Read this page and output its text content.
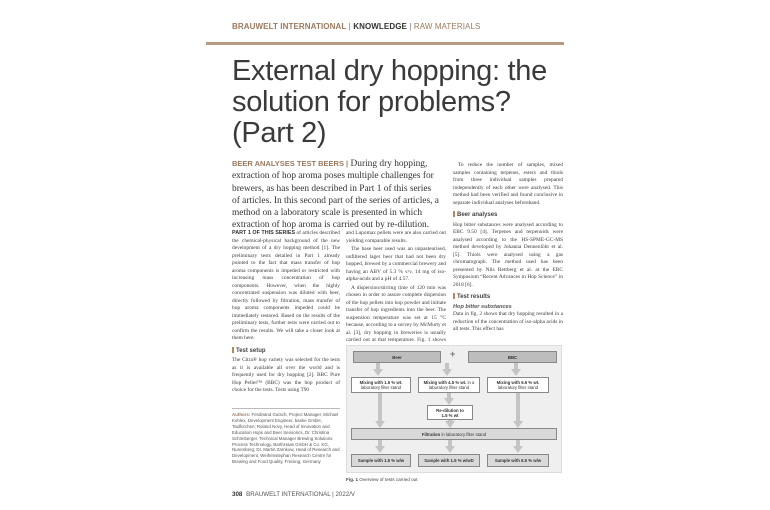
BRAUWELT INTERNATIONAL | KNOWLEDGE | RAW MATERIALS
External dry hopping: the solution for problems? (Part 2)
BEER ANALYSES TEST BEERS | During dry hopping, extraction of hop aroma poses multiple challenges for brewers, as has been described in Part 1 of this series of articles. In this second part of the series of articles, a method on a laboratory scale is presented in which extraction of hop aroma is carried out by re-dilution.

PART 1 OF THIS SERIES of articles described the chemical-physical background of the new development of a dry hopping method [1]. The preliminary tests detailed in Part 1 already pointed to the fact that mass transfer of hop aroma components is impeded or restricted with increasing mass concentration of hop components. However, when the highly concentrated suspension was diluted with beer, directly followed by filtration, mass transfer of hop aroma components impeded could be immediately restored. Based on the results of the preliminary tests, further tests were carried out to confirm the results. We will take a closer look at them here.

Test setup

The Citra® hop variety was selected for the tests as it is available all over the world and is frequently used for dry hopping [2]. BBC Pure Hop Pellet™ (BBC) was the hop product of choice for the tests. Tests using T90

Authors: Ferdinand Gutsch, Project Manager, Michael Kohlex, Development Engineer, banke GmbH, Taufkirchen; Roland Novy, Head of Innovation and Education Hops and Beer Sensorics, Dr. Christina Schönberger, Technical Manager Brewing Solutions Process Technology, BarthHaas GmbH & Co. KG, Nuremberg; Dr. Martin Zarnkow, Head of Research and Development, Weihenstephan Research Centre for Brewing and Food Quality, Freising, Germany

and Lupomax pellets were are also carried out yielding comparable results.

The base beer used was an unpasteurised, unfiltered lager beer that had not been dry hopped, brewed by a commercial brewery and having an ABV of 5.3 % v/v, 14 mg of iso-alpha-acids and a pH of 4.57.

A dispersion/stirring time of 120 min was chosen in order to assure complete dispersion of the hop pellets into hop powder and initiate transfer of hop ingredients into the beer. The suspension temperature was set at 15 °C because, according to a survey by McMurty et al. [3], dry hopping in breweries is usually carried out at that temperature. Fig. 1 shows

To reduce the number of samples, mixed samples containing terpenes, esters and thiols from three individual samples prepared independently of each other were analysed. This method had been verified and found conclusive in separate individual analyses beforehand.

Beer analyses

Hop bitter substances were analysed according to EBC 9.50 [4]. Terpenes and terpenoids were analysed according to the HS-SPME-GC-MS method developed by Johanna Dennenlöhr et al. [5]. Thiols were analysed using a gas chromatograph. The method used has been presented by Nils Rettberg et al. at the EBC Symposium “Recent Advances in Hop Science” in 2018 [6].

Test results
Hop bitter substances

Data in fig. 2 shows that dry hopping resulted in a reduction of the concentration of iso-alpha acids in all tests. This effect has

Beer	+	BBC
Mixing with 1.5 % wt. laboratory filter stand
Mixing with 4.5 % wt. in a laboratory filter stand
Mixing with 6.5 % wt. laboratory filter stand
Re-dilution to
1.5 % wt
Filtration in laboratory filter stand
Sample with 1.5 % w/w	Sample with 1.5 % w/wD	Sample with 6.5 % w/w
Fig. 1 Overview of tests carried out
308 BRAUWELT INTERNATIONAL | 2022/V
